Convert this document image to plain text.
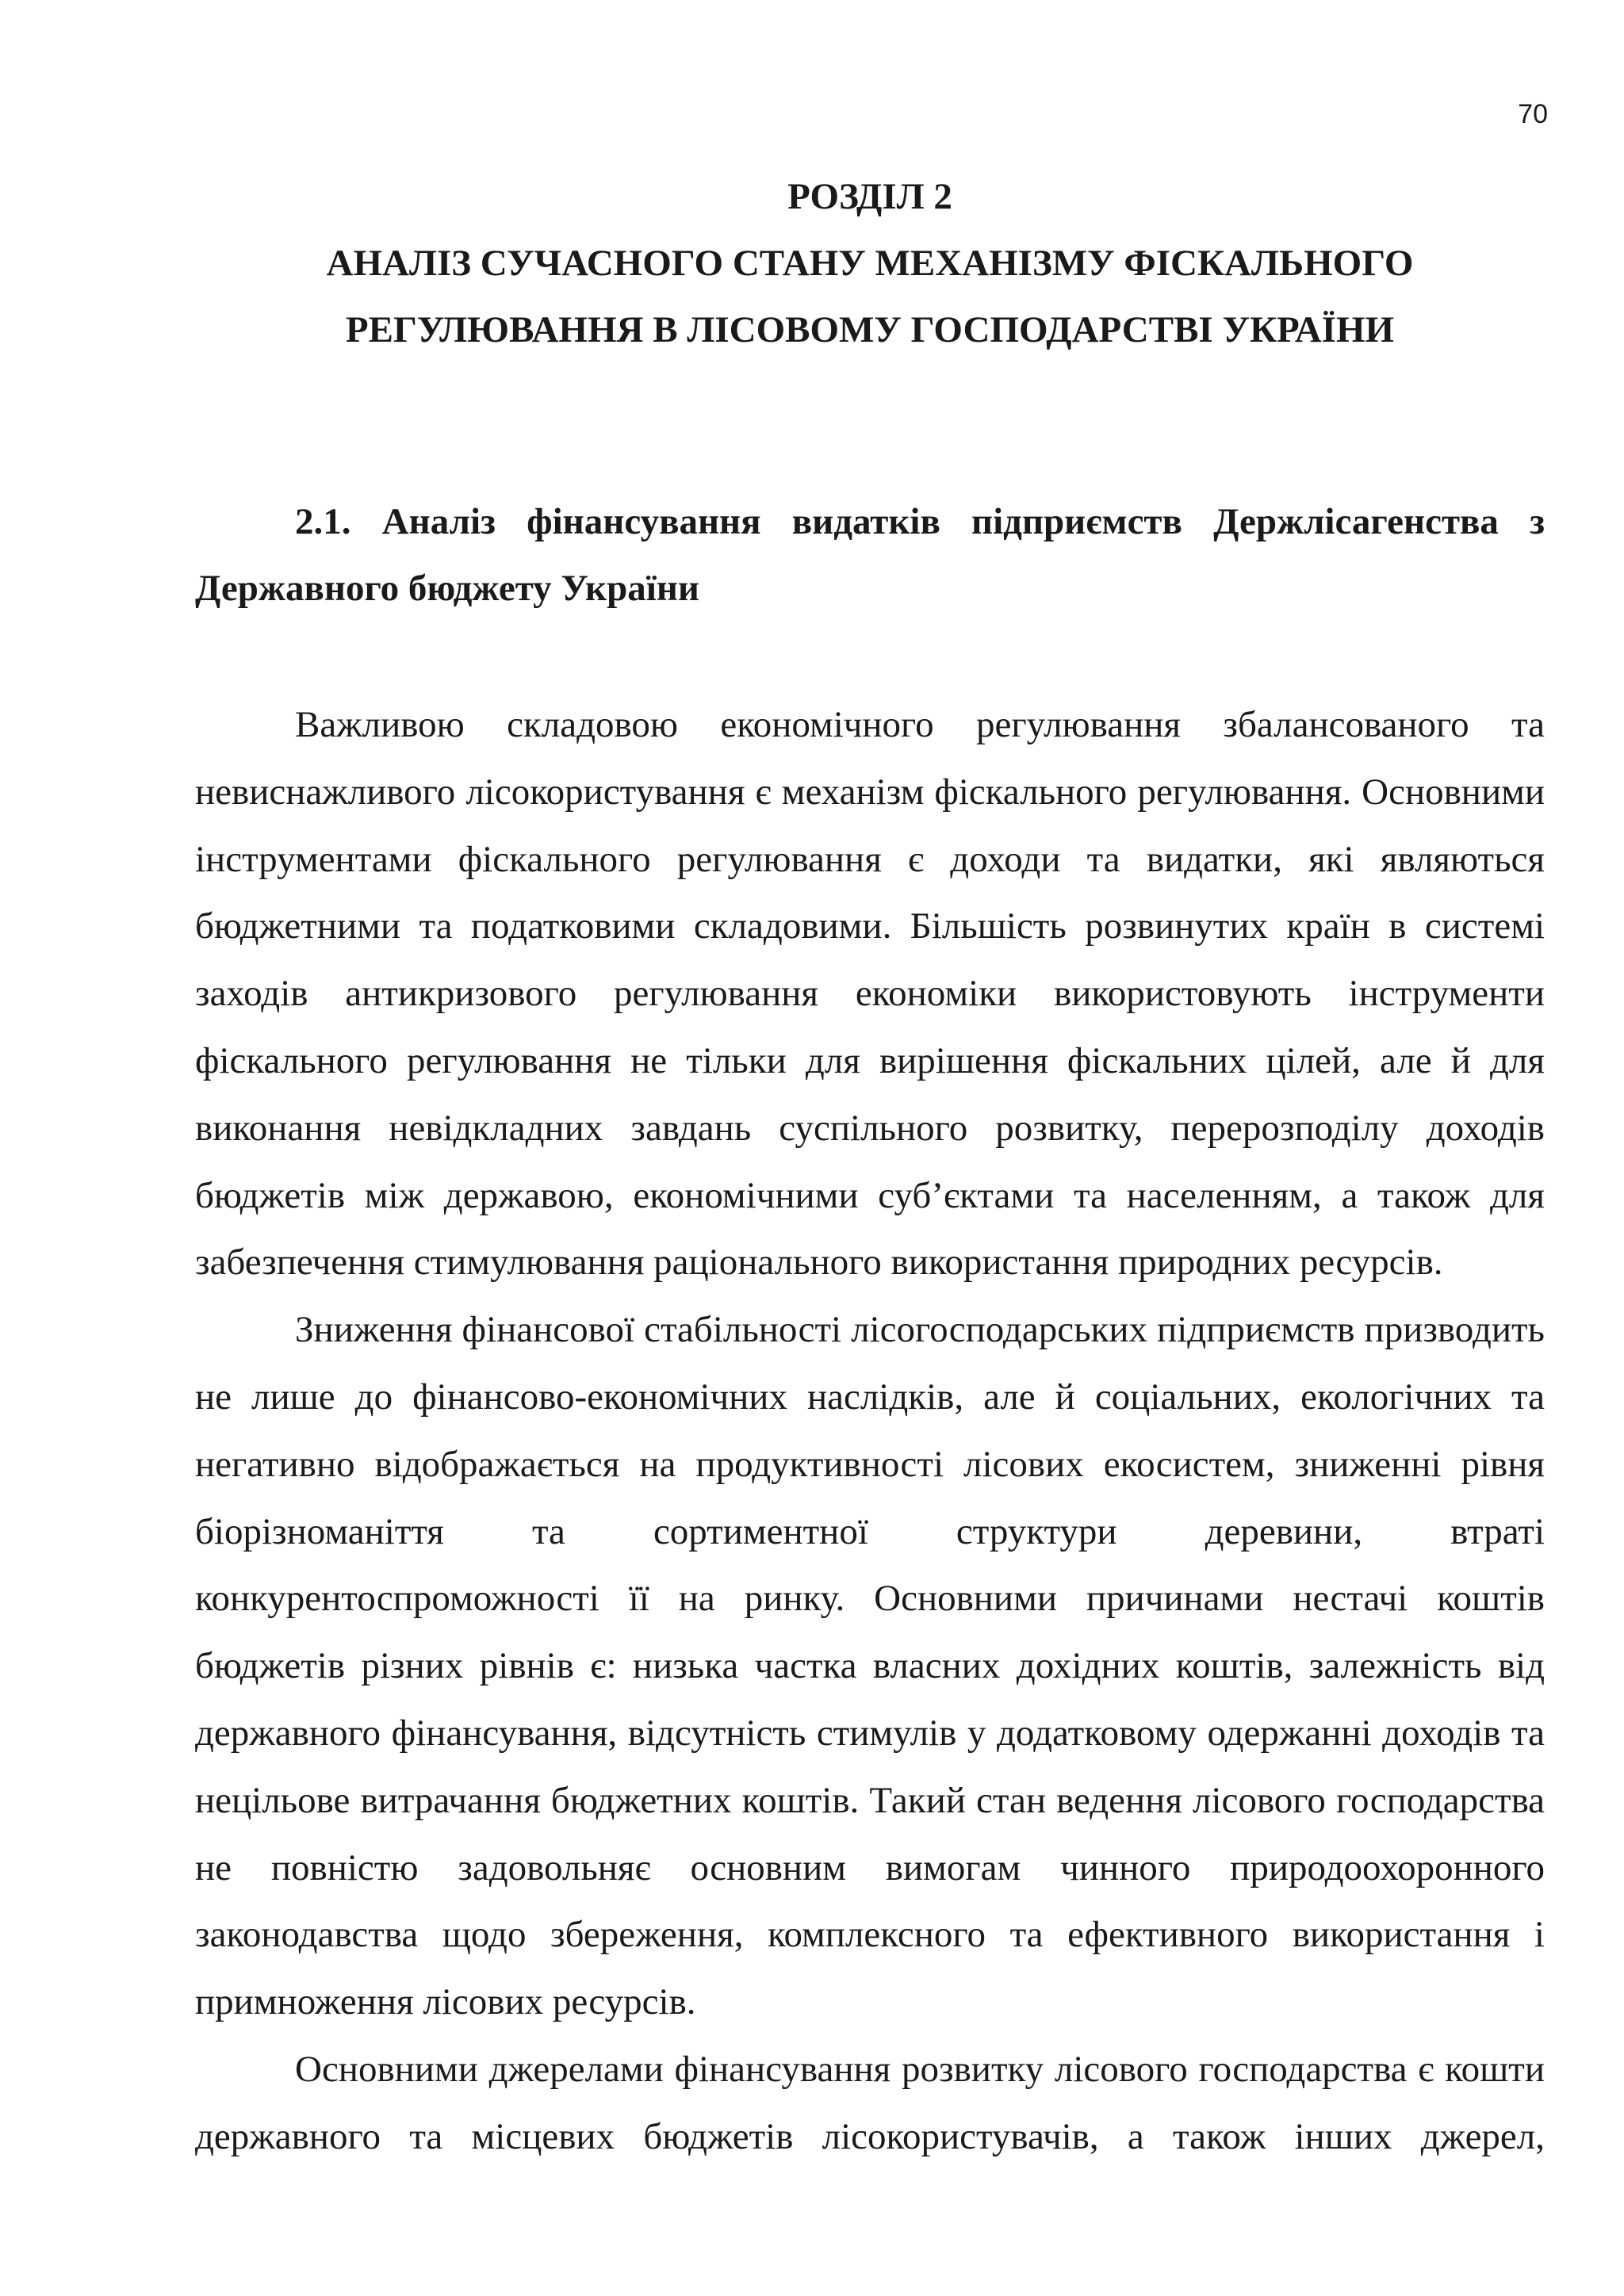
70
РОЗДІЛ 2
АНАЛІЗ СУЧАСНОГО СТАНУ МЕХАНІЗМУ ФІСКАЛЬНОГО
РЕГУЛЮВАННЯ В ЛІСОВОМУ ГОСПОДАРСТВІ УКРАЇНИ
2.1. Аналіз фінансування видатків підприємств Держлісагенства з
Державного бюджету України

Важливою складовою економічного регулювання збалансованого та невиснажливого лісокористування є механізм фіскального регулювання. Основними інструментами фіскального регулювання є доходи та видатки, які являються бюджетними та податковими складовими. Більшість розвинутих країн в системі заходів антикризового регулювання економіки використовують інструменти фіскального регулювання не тільки для вирішення фіскальних цілей, але й для виконання невідкладних завдань суспільного розвитку, перерозподілу доходів бюджетів між державою, економічними суб’єктами та населенням, а також для забезпечення стимулювання раціонального використання природних ресурсів.

Зниження фінансової стабільності лісогосподарських підприємств призводить не лише до фінансово-економічних наслідків, але й соціальних, екологічних та негативно відображається на продуктивності лісових екосистем, зниженні рівня біорізноманіття та сортиментної структури деревини, втраті конкурентоспроможності її на ринку. Основними причинами нестачі коштів бюджетів різних рівнів є: низька частка власних дохідних коштів, залежність від державного фінансування, відсутність стимулів у додатковому одержанні доходів та нецільове витрачання бюджетних коштів. Такий стан ведення лісового господарства не повністю задовольняє основним вимогам чинного природоохоронного законодавства щодо збереження, комплексного та ефективного використання і примноження лісових ресурсів.

Основними джерелами фінансування розвитку лісового господарства є кошти державного та місцевих бюджетів лісокористувачів, а також інших джерел,
